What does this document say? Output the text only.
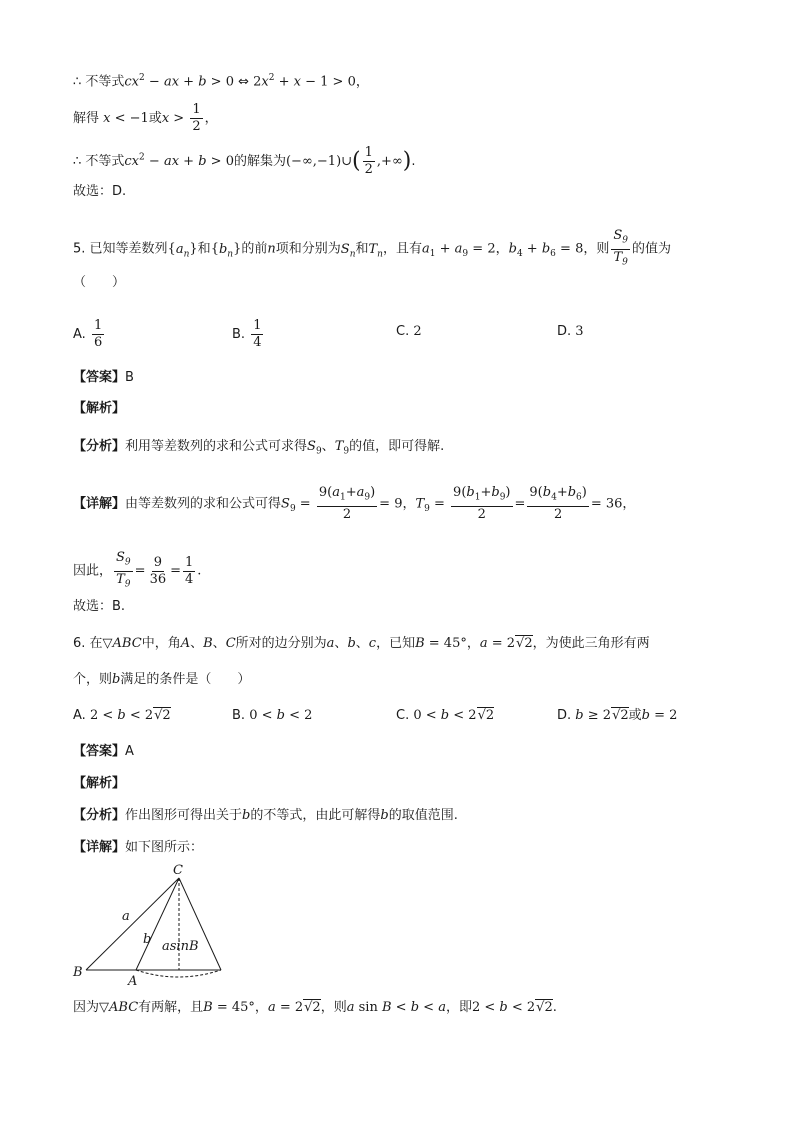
∴ 不等式$cx^2$ − ax + b > 0 ⇔ $2x^2 + x - 1 > 0$，
解得 x < −1或$x > \frac{1}{2}$ ，
∴ 不等式$cx^2$ − ax + b > 0的解集为(−∞,−1)∪( $\frac{1}{2}$ ,+∞).
故选：D.
5. 已知等差数列$\{a_n\}$和$\{b_n\}$的前n项和分别为$S_n$和$T_n$，且有$a_1 + a_9 = 2$，$b_4 + b_6 = 8$，则 $\frac{S_9}{T_9}$ 的值为
（　　）
A. $\frac{1}{6}$	B. $\frac{1}{4}$	C. 2	D. 3
【答案】B
【解析】
【分析】利用等差数列的求和公式可求得$S_9$、$T_9$的值，即可得解.
【详解】由等差数列的求和公式可得$S_9 = \frac{9(a_1+a_9)}{2} = 9$，$T_9 = \frac{9(b_1+b_9)}{2} = \frac{9(b_4+b_6)}{2} = 36$，
因此， $\frac{S_9}{T_9} = \frac{9}{36} = \frac{1}{4}$ .
故选：B.
6. 在▽ABC中，角A、B、C所对的边分别为a、b、c，已知B = 45°，a = 2√2，为使此三角形有两
个，则b满足的条件是（　　）
A. 2 < b < 2√2	B. 0 < b < 2	C. 0 < b < 2√2	D. b ≥ 2√2或b = 2
【答案】A
【解析】
【分析】作出图形可得出关于b的不等式，由此可解得b的取值范围.
【详解】如下图所示：
C
B
A
a
b asinB
因为▽ABC有两解，且B = 45°，a = 2√2，则a sin B < b < a，即2 < b < 2√2.
